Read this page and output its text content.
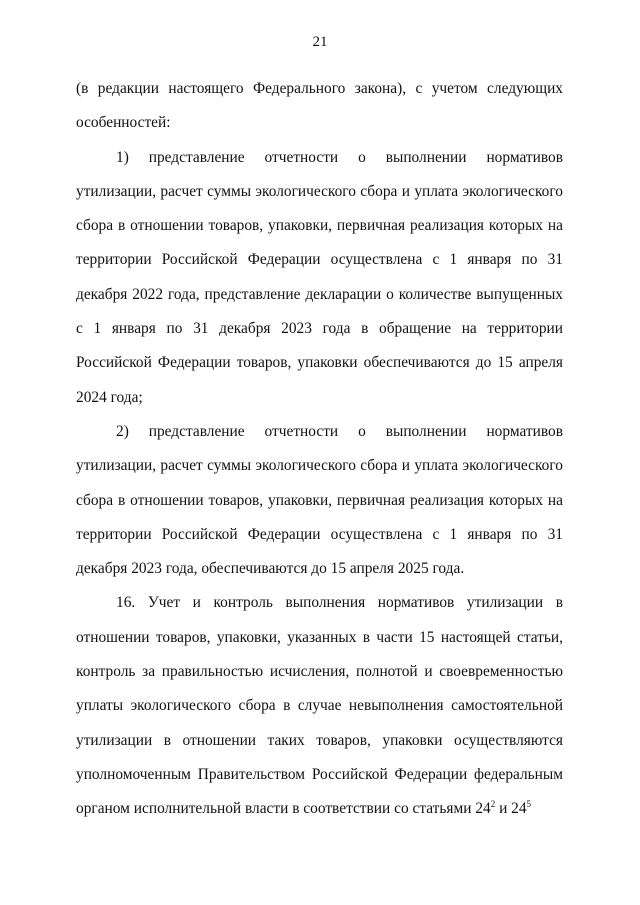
21

(в редакции настоящего Федерального закона), с учетом следующих особенностей:

1) представление отчетности о выполнении нормативов утилизации, расчет суммы экологического сбора и уплата экологического сбора в отношении товаров, упаковки, первичная реализация которых на территории Российской Федерации осуществлена с 1 января по 31 декабря 2022 года, представление декларации о количестве выпущенных с 1 января по 31 декабря 2023 года в обращение на территории Российской Федерации товаров, упаковки обеспечиваются до 15 апреля 2024 года;

2) представление отчетности о выполнении нормативов утилизации, расчет суммы экологического сбора и уплата экологического сбора в отношении товаров, упаковки, первичная реализация которых на территории Российской Федерации осуществлена с 1 января по 31 декабря 2023 года, обеспечиваются до 15 апреля 2025 года.

16. Учет и контроль выполнения нормативов утилизации в отношении товаров, упаковки, указанных в части 15 настоящей статьи, контроль за правильностью исчисления, полнотой и своевременностью уплаты экологического сбора в случае невыполнения самостоятельной утилизации в отношении таких товаров, упаковки осуществляются уполномоченным Правительством Российской Федерации федеральным органом исполнительной власти в соответствии со статьями $24^2$ и $24^5$
